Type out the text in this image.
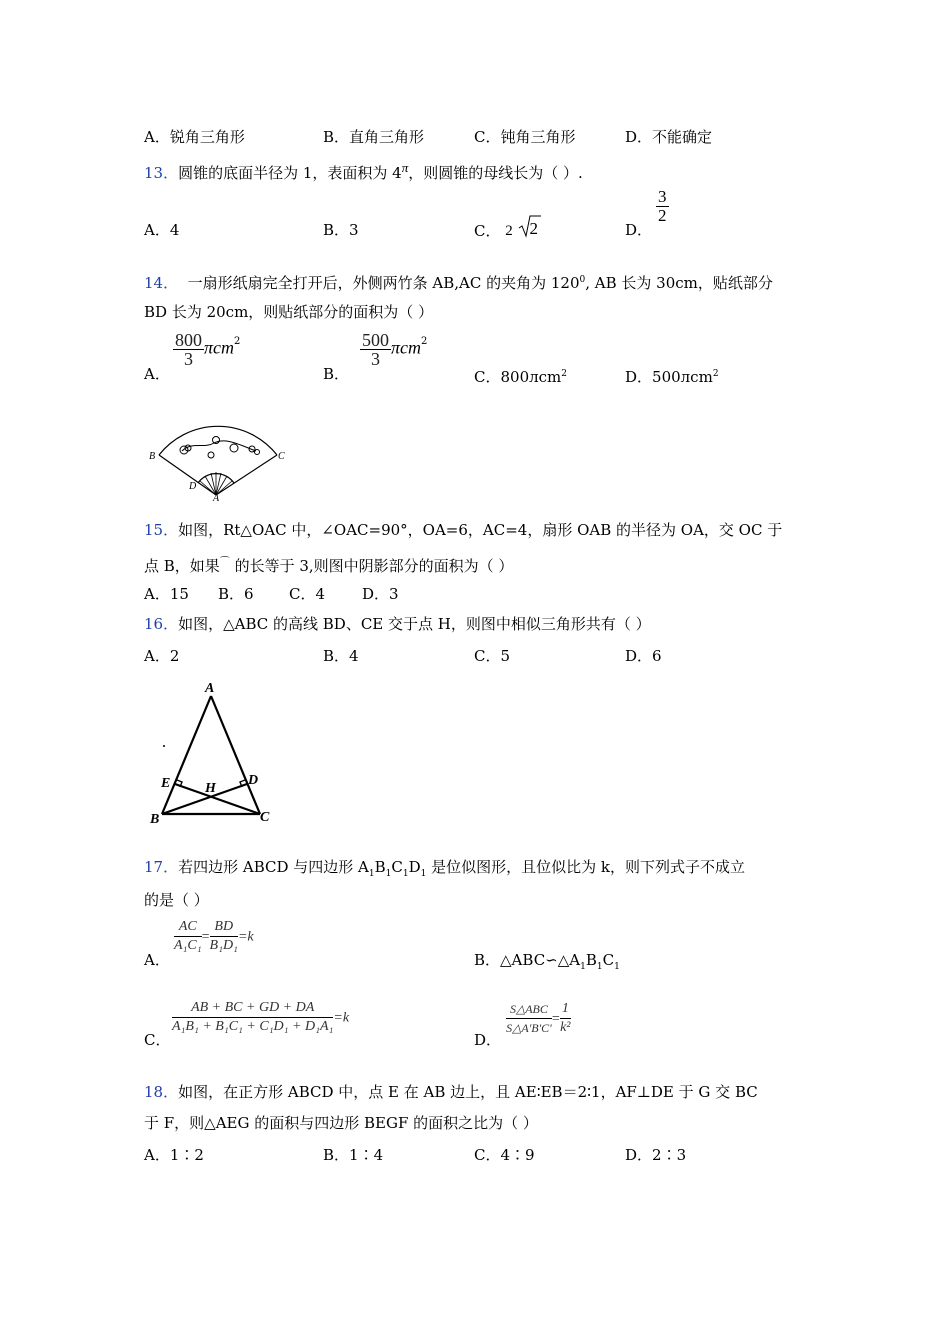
A．锐角三角形	B．直角三角形	C．钝角三角形	D．不能确定
13．圆锥的底面半径为 1，表面积为 $4^\pi$，则圆锥的母线长为（ ）.
A．4	B．3	C． 2 2	D．
$\frac{3}{2}$
14． 一扇形纸扇完全打开后，外侧两竹条 AB,AC 的夹角为 $120^0$, AB 长为 30cm，贴纸部分
BD 长为 20cm，则贴纸部分的面积为（ ）
A．
$\frac{800}{3} \pi cm^2$
B．
$\frac{500}{3} \pi cm^2$
C．800лcm$^2$	D．500лcm$^2$
B	C
D
A
15．如图，Rt△OAC 中，∠OAC=90°，OA=6，AC=4，扇形 OAB 的半径为 OA，交 OC 于
点 B，如果⌒ 的长等于 3,则图中阴影部分的面积为（ ）
A．15 B．6 C．4 D．3
16．如图，△ABC 的高线 BD、CE 交于点 H，则图中相似三角形共有（ ）
A．2	B．4	C．5	D．6
A
E	D
H
B	C
17．若四边形 ABCD 与四边形 $A_1B_1C_1D_1$ 是位似图形，且位似比为 k，则下列式子不成立
的是（ ）
A．
$\frac{AC}{\text{A₁C₁}} = \frac{BD}{\text{B₁D₁}} =k$
B．$\triangle ABC∽\triangle A_1B_1C_1$
C．
$\frac{AB + BC + GD + DA}{\text{A₁B₁ + B₁C₁ + C₁D₁ + D₁A₁}} =k$
D．
$\frac{\text{S△ABC}}{S\triangle A'B'C'} = \frac{1}{\text{k²}}$
18．如图，在正方形 ABCD 中，点 E 在 AB 边上，且 AE∶EB＝2∶1，AF⊥DE 于 G 交 BC
于 F，则△AEG 的面积与四边形 BEGF 的面积之比为（ ）
A．1∶2	B．1∶4	C．4∶9	D．2∶3
